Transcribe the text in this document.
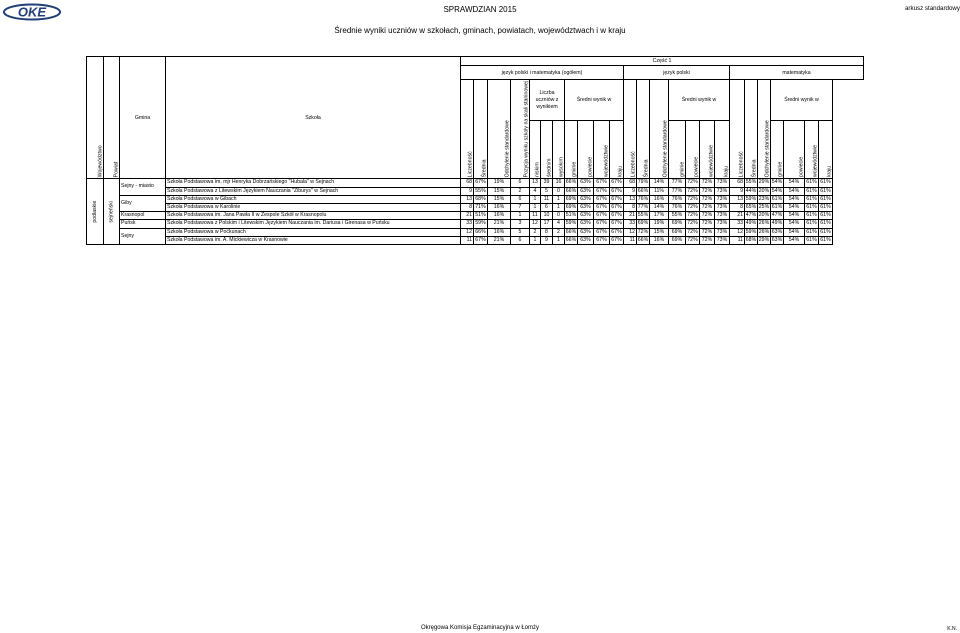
OKE	SPRAWDZIAN 2015	arkusz standardowy
Średnie wyniki uczniów w szkołach, gminach, powiatach, województwach i w kraju
Województwo	Powiat	Gmina	Szkoła	Część 1																								
				język polski i matematyka (ogółem)											język polski							matematyka						
				Liczebność	Średnia	Odchylenie standardowe	Pozycja wyniku szkoły na skali staninowej	Liczba uczniów z wynikiem			Średni wynik w				Liczebność	Średnia	Odchylenie standardowe	Średni wynik w				Liczebność	Średnia	Odchylenie standardowe	Średni wynik w			
								niskim	średnim	wysokim	gminie	powiecie	województwie	kraju				gminie	powiecie	województwie	kraju				gminie	powiecie	województwie	kraju
podlaskie	sejneński	Sejny - miasto	Szkoła Podstawowa im. mjr Henryka Dobrzańskiego "Hubala" w Sejnach	68	67%	19%	6	13	39	16	66%	63%	67%	67%	68	79%	14%	77%	72%	72%	73%	68	55%	29%	54%	54%	61%	61%
			Szkoła Podstawowa z Litewskim Językiem Nauczania "Žiburys" w Sejnach	9	55%	15%	2	4	5	0	66%	63%	67%	67%	9	66%	11%	77%	72%	72%	73%	9	44%	20%	54%	54%	61%	61%
		Giby	Szkoła Podstawowa w Gibach	13	68%	15%	6	1	11	1	69%	63%	67%	67%	13	76%	16%	76%	72%	72%	73%	13	59%	23%	61%	54%	61%	61%
			Szkoła Podstawowa w Karolinie	8	71%	16%	7	1	6	1	69%	63%	67%	67%	8	77%	14%	76%	72%	72%	73%	8	65%	25%	61%	54%	61%	61%
		Krasnopol	Szkoła Podstawowa im. Jana Pawła II w Zespole Szkół w Krasnopolu	21	51%	16%	1	11	10	0	51%	63%	67%	67%	21	55%	17%	55%	72%	72%	73%	21	47%	20%	47%	54%	61%	61%
		Puńsk	Szkoła Podstawowa z Polskim i Litewskim Językiem Nauczania im. Dariusa i Girenasa w Puńsku	33	59%	21%	3	12	17	4	59%	63%	67%	67%	33	69%	19%	69%	72%	72%	73%	33	49%	26%	49%	54%	61%	61%
		Sejny	Szkoła Podstawowa w Poćkunach	12	66%	16%	5	2	8	2	66%	63%	67%	67%	12	72%	15%	69%	72%	72%	73%	12	59%	26%	63%	54%	61%	61%
			Szkoła Podstawowa im. A. Mickiewicza w Krasnowie	11	67%	21%	6	1	9	1	66%	63%	67%	67%	11	66%	16%	69%	72%	72%	73%	11	68%	29%	63%	54%	61%	61%
Okręgowa Komisja Egzaminacyjna w Łomży	K.N.
